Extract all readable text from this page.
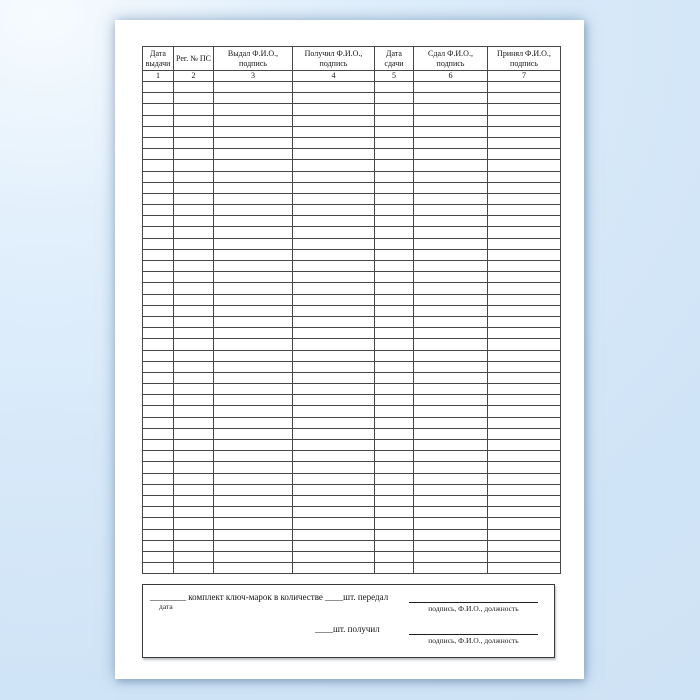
Дата выдачи	Рег. № ПС	Выдал Ф.И.О., подпись	Получил Ф.И.О., подпись	Дата сдачи	Сдал Ф.И.О., подпись	Принял Ф.И.О., подпись
1	2	3	4	5	6	7

________ комплект ключ-марок в количестве ____шт. передал
дата	подпись, Ф.И.О., должность
____шт. получил
подпись, Ф.И.О., должность
